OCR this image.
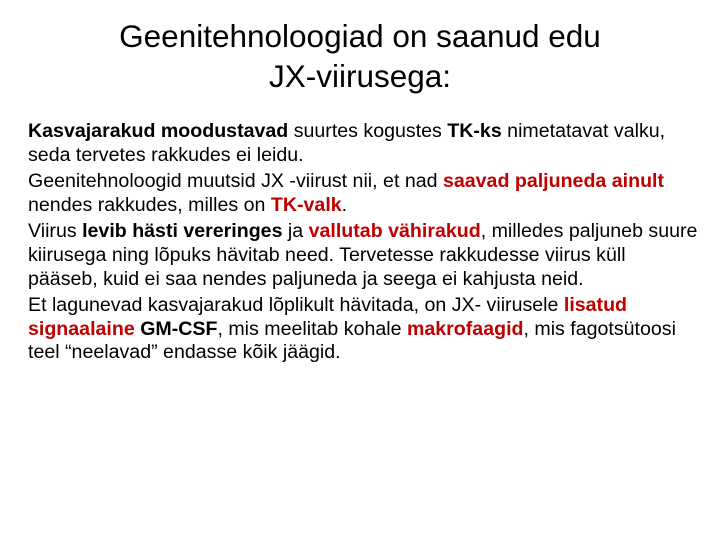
Geenitehnoloogiad on saanud edu
JX-viirusega:

Kasvajarakud moodustavad suurtes kogustes TK-ks nimetatavat valku, seda tervetes rakkudes ei leidu.

Geenitehnoloogid muutsid JX -viirust nii, et nad saavad paljuneda ainult nendes rakkudes, milles on TK-valk.

Viirus levib hästi vereringes ja vallutab vähirakud, milledes paljuneb suure kiirusega ning lõpuks hävitab need. Tervetesse rakkudesse viirus küll pääseb, kuid ei saa nendes paljuneda ja seega ei kahjusta neid.

Et lagunevad kasvajarakud lõplikult hävitada, on JX- viirusele lisatud signaalaine GM-CSF, mis meelitab kohale makrofaagid, mis fagotsütoosi teel “neelavad” endasse kõik jäägid.
